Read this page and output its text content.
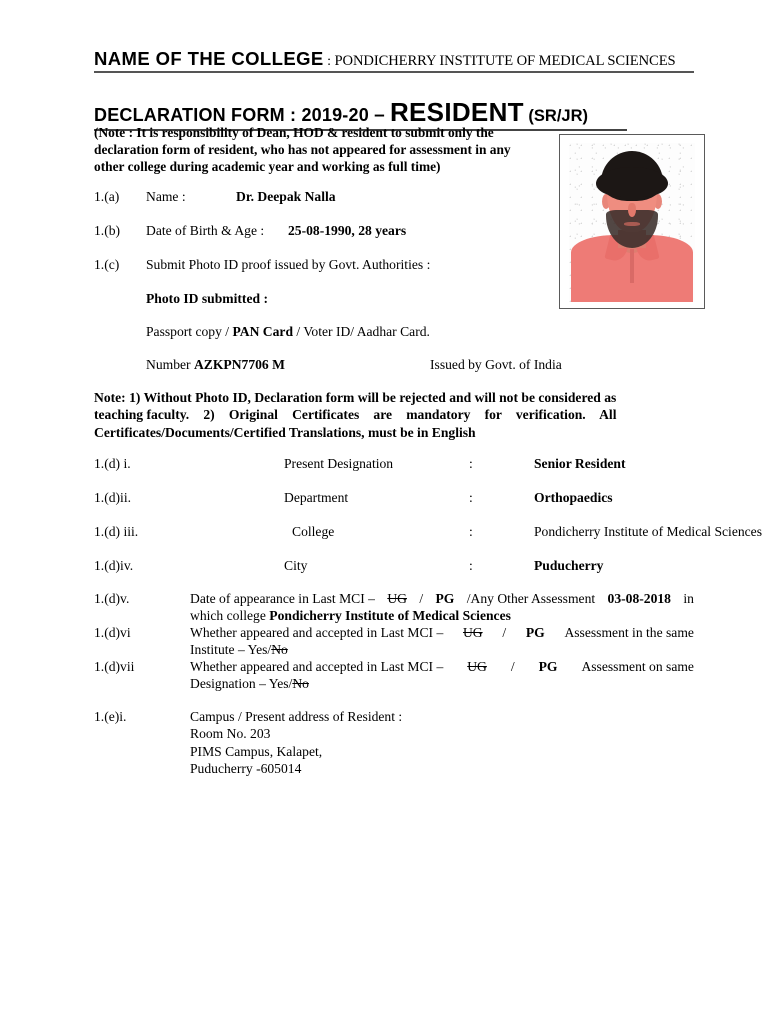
NAME OF THE COLLEGE : PONDICHERRY INSTITUTE OF MEDICAL SCIENCES
DECLARATION FORM : 2019-20 – RESIDENT (SR/JR)
(Note : It is responsibility of Dean, HOD & resident to submit only the declaration form of resident, who has not appeared for assessment in any other college during academic year and working as full time)
1.(a) Name :	Dr. Deepak Nalla
1.(b) Date of Birth & Age : 25-08-1990, 28 years
1.(c) Submit Photo ID proof issued by Govt. Authorities :
Photo ID submitted :
Passport copy / PAN Card / Voter ID/ Aadhar Card.
Number AZKPN7706 M	Issued by Govt. of India
Note: 1) Without Photo ID, Declaration form will be rejected and will not be considered as
teaching faculty. 2) Original Certificates are mandatory for verification. All
Certificates/Documents/Certified Translations, must be in English
1.(d) i.	Present Designation	:	Senior Resident
1.(d)ii.	Department	:	Orthopaedics
1.(d) iii.	College	:	Pondicherry Institute of Medical Sciences
1.(d)iv.	City	:	Puducherry
1.(d)v.	Date of appearance in Last MCI – UG / PG /Any Other Assessment 03-08-2018 in
which college Pondicherry Institute of Medical Sciences
1.(d)vi	Whether appeared and accepted in Last MCI – UG / PG Assessment in the same
Institute – Yes/No
1.(d)vii	Whether appeared and accepted in Last MCI – UG / PG Assessment on same
Designation – Yes/No
1.(e)i.	Campus / Present address of Resident :
Room No. 203
PIMS Campus, Kalapet,
Puducherry -605014
